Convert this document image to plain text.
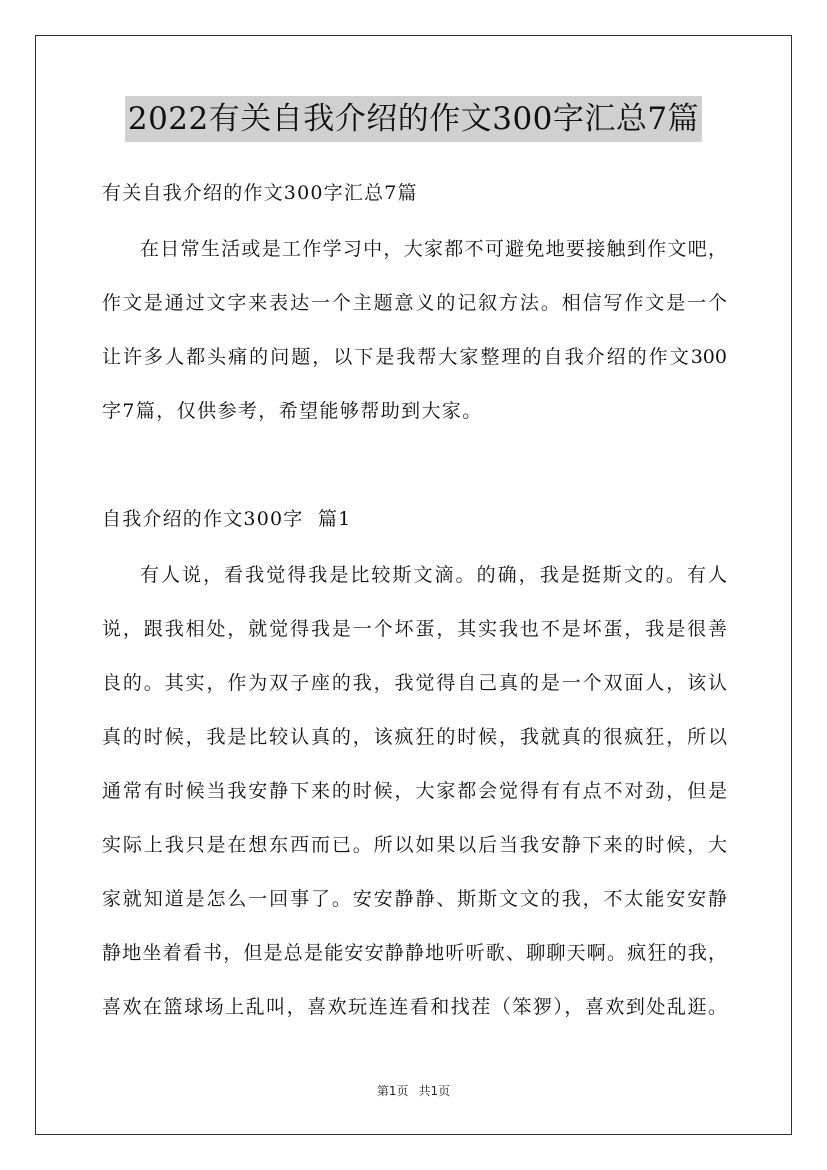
2022有关自我介绍的作文300字汇总7篇
有关自我介绍的作文300字汇总7篇
在日常生活或是工作学习中，大家都不可避免地要接触到作文吧，
作文是通过文字来表达一个主题意义的记叙方法。相信写作文是一个
让许多人都头痛的问题，以下是我帮大家整理的自我介绍的作文300
字7篇，仅供参考，希望能够帮助到大家。
自我介绍的作文300字  篇1
有人说，看我觉得我是比较斯文滴。的确，我是挺斯文的。有人
说，跟我相处，就觉得我是一个坏蛋，其实我也不是坏蛋，我是很善
良的。其实，作为双子座的我，我觉得自己真的是一个双面人，该认
真的时候，我是比较认真的，该疯狂的时候，我就真的很疯狂，所以
通常有时候当我安静下来的时候，大家都会觉得有有点不对劲，但是
实际上我只是在想东西而已。所以如果以后当我安静下来的时候，大
家就知道是怎么一回事了。安安静静、斯斯文文的我，不太能安安静
静地坐着看书，但是总是能安安静静地听听歌、聊聊天啊。疯狂的我，
喜欢在篮球场上乱叫，喜欢玩连连看和找茬（笨猡），喜欢到处乱逛。
第1页 共1页
